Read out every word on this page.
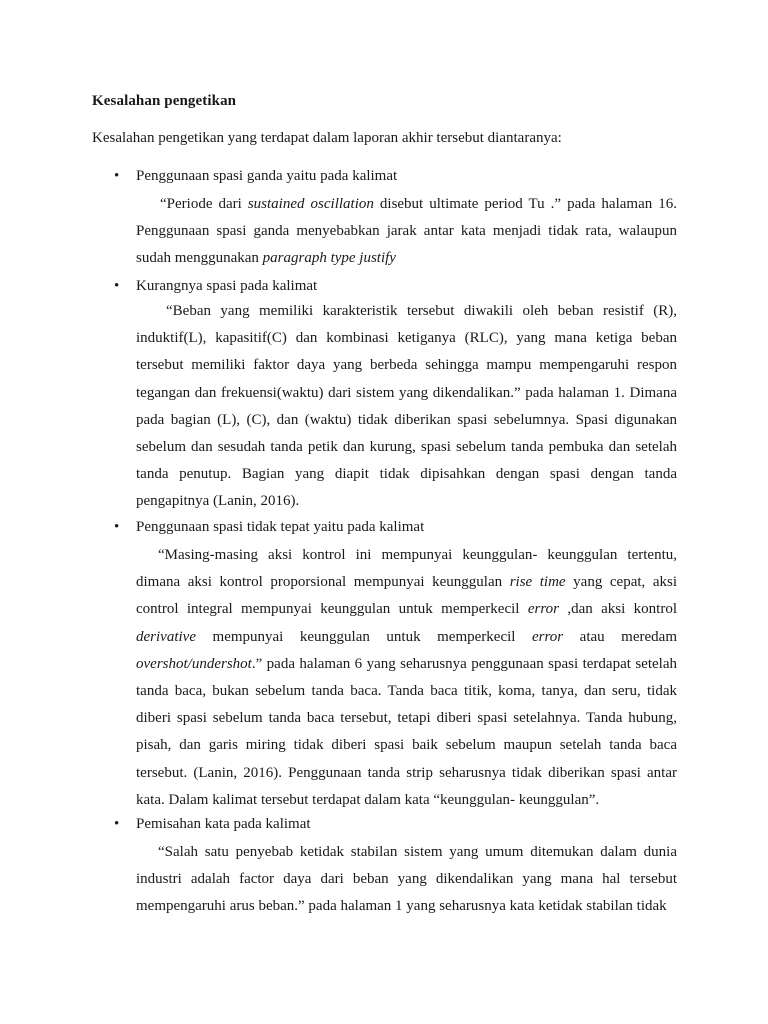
Kesalahan pengetikan
Kesalahan pengetikan yang terdapat dalam laporan akhir tersebut diantaranya:
•	Penggunaan spasi ganda yaitu pada kalimat
“Periode dari sustained oscillation disebut ultimate period Tu .” pada halaman 16. Penggunaan spasi ganda menyebabkan jarak antar kata menjadi tidak rata, walaupun sudah menggunakan paragraph type justify
•	Kurangnya spasi pada kalimat
“Beban yang memiliki karakteristik tersebut diwakili oleh beban resistif (R), induktif(L), kapasitif(C) dan kombinasi ketiganya (RLC), yang mana ketiga beban tersebut memiliki faktor daya yang berbeda sehingga mampu mempengaruhi respon tegangan dan frekuensi(waktu) dari sistem yang dikendalikan.” pada halaman 1. Dimana pada bagian (L), (C), dan (waktu) tidak diberikan spasi sebelumnya. Spasi digunakan sebelum dan sesudah tanda petik dan kurung, spasi sebelum tanda pembuka dan setelah tanda penutup. Bagian yang diapit tidak dipisahkan dengan spasi dengan tanda pengapitnya (Lanin, 2016).
•	Penggunaan spasi tidak tepat yaitu pada kalimat
“Masing-masing aksi kontrol ini mempunyai keunggulan- keunggulan tertentu, dimana aksi kontrol proporsional mempunyai keunggulan rise time yang cepat, aksi control integral mempunyai keunggulan untuk memperkecil error ,dan aksi kontrol derivative mempunyai keunggulan untuk memperkecil error atau meredam overshot/undershot.” pada halaman 6 yang seharusnya penggunaan spasi terdapat setelah tanda baca, bukan sebelum tanda baca. Tanda baca titik, koma, tanya, dan seru, tidak diberi spasi sebelum tanda baca tersebut, tetapi diberi spasi setelahnya. Tanda hubung, pisah, dan garis miring tidak diberi spasi baik sebelum maupun setelah tanda baca tersebut. (Lanin, 2016). Penggunaan tanda strip seharusnya tidak diberikan spasi antar kata. Dalam kalimat tersebut terdapat dalam kata “keunggulan- keunggulan”.
•	Pemisahan kata pada kalimat
“Salah satu penyebab ketidak stabilan sistem yang umum ditemukan dalam dunia industri adalah factor daya dari beban yang dikendalikan yang mana hal tersebut mempengaruhi arus beban.” pada halaman 1 yang seharusnya kata ketidak stabilan tidak
